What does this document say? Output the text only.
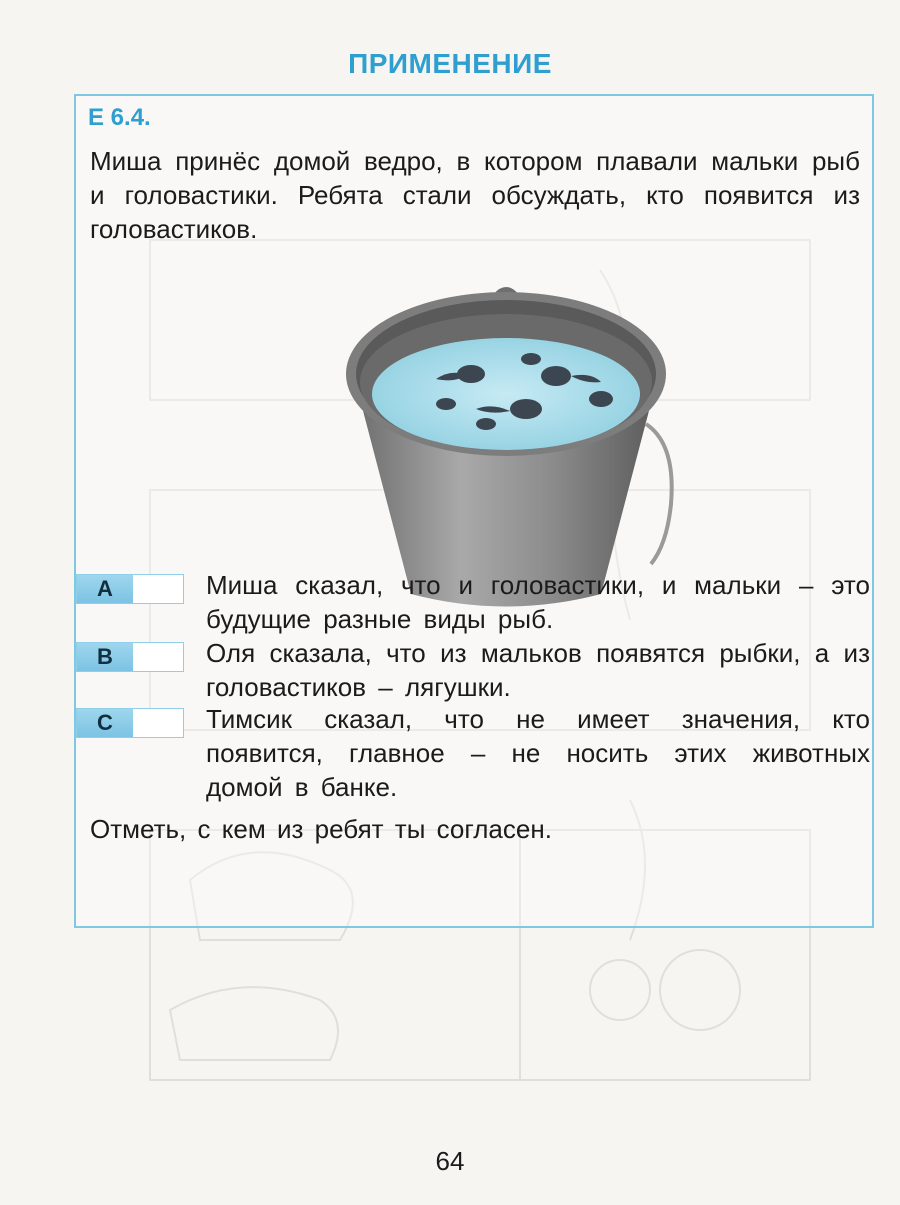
ПРИМЕНЕНИЕ
Е 6.4.
Миша принёс домой ведро, в котором плавали мальки рыб и головастики. Ребята стали обсуждать, кто появится из головастиков.
A	Миша сказал, что и головастики, и мальки – это будущие разные виды рыб.
B	Оля сказала, что из мальков появятся рыбки, а из головастиков – лягушки.
C	Тимсик сказал, что не имеет значения, кто появится, главное – не носить этих животных домой в банке.
Отметь, с кем из ребят ты согласен.
64
